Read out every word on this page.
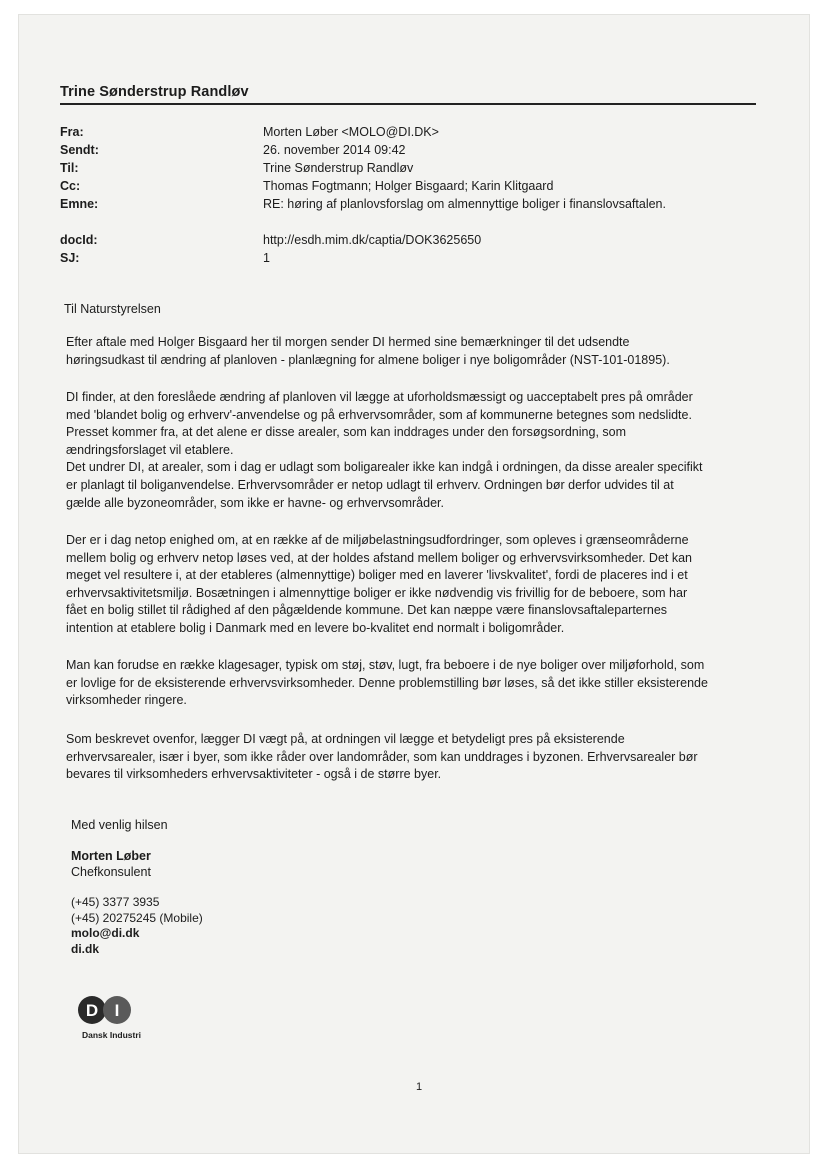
Trine Sønderstrup Randløv
Fra:	Morten Løber <MOLO@DI.DK>
Sendt:	26. november 2014 09:42
Til:	Trine Sønderstrup Randløv
Cc:	Thomas Fogtmann; Holger Bisgaard; Karin Klitgaard
Emne:	RE: høring af planlovsforslag om almennyttige boliger i finanslovsaftalen.
docId:	http://esdh.mim.dk/captia/DOK3625650
SJ:	1
Til Naturstyrelsen

Efter aftale med Holger Bisgaard her til morgen sender DI hermed sine bemærkninger til det udsendte

høringsudkast til ændring af planloven - planlægning for almene boliger i nye boligområder (NST-101-01895).

DI finder, at den foreslåede ændring af planloven vil lægge at uforholdsmæssigt og uacceptabelt pres på områder

med 'blandet bolig og erhverv'-anvendelse og på erhvervsområder, som af kommunerne betegnes som nedslidte.

Presset kommer fra, at det alene er disse arealer, som kan inddrages under den forsøgsordning, som

ændringsforslaget vil etablere.

Det undrer DI, at arealer, som i dag er udlagt som boligarealer ikke kan indgå i ordningen, da disse arealer specifikt

er planlagt til boliganvendelse. Erhvervsområder er netop udlagt til erhverv. Ordningen bør derfor udvides til at

gælde alle byzoneområder, som ikke er havne- og erhvervsområder.

Der er i dag netop enighed om, at en række af de miljøbelastningsudfordringer, som opleves i grænseområderne

mellem bolig og erhverv netop løses ved, at der holdes afstand mellem boliger og erhvervsvirksomheder. Det kan

meget vel resultere i, at der etableres (almennyttige) boliger med en laverer 'livskvalitet', fordi de placeres ind i et

erhvervsaktivitetsmiljø. Bosætningen i almennyttige boliger er ikke nødvendig vis frivillig for de beboere, som har

fået en bolig stillet til rådighed af den pågældende kommune. Det kan næppe være finanslovsaftaleparternes

intention at etablere bolig i Danmark med en levere bo-kvalitet end normalt i boligområder.

Man kan forudse en række klagesager, typisk om støj, støv, lugt, fra beboere i de nye boliger over miljøforhold, som

er lovlige for de eksisterende erhvervsvirksomheder. Denne problemstilling bør løses, så det ikke stiller eksisterende

virksomheder ringere.

Som beskrevet ovenfor, lægger DI vægt på, at ordningen vil lægge et betydeligt pres på eksisterende

erhvervsarealer, især i byer, som ikke råder over landområder, som kan unddrages i byzonen. Erhvervsarealer bør

bevares til virksomheders erhvervsaktiviteter - også i de større byer.

Med venlig hilsen
Morten Løber
Chefkonsulent
(+45) 3377 3935
(+45) 20275245 (Mobile)
molo@di.dk
di.dk
D I
Dansk Industri
1
